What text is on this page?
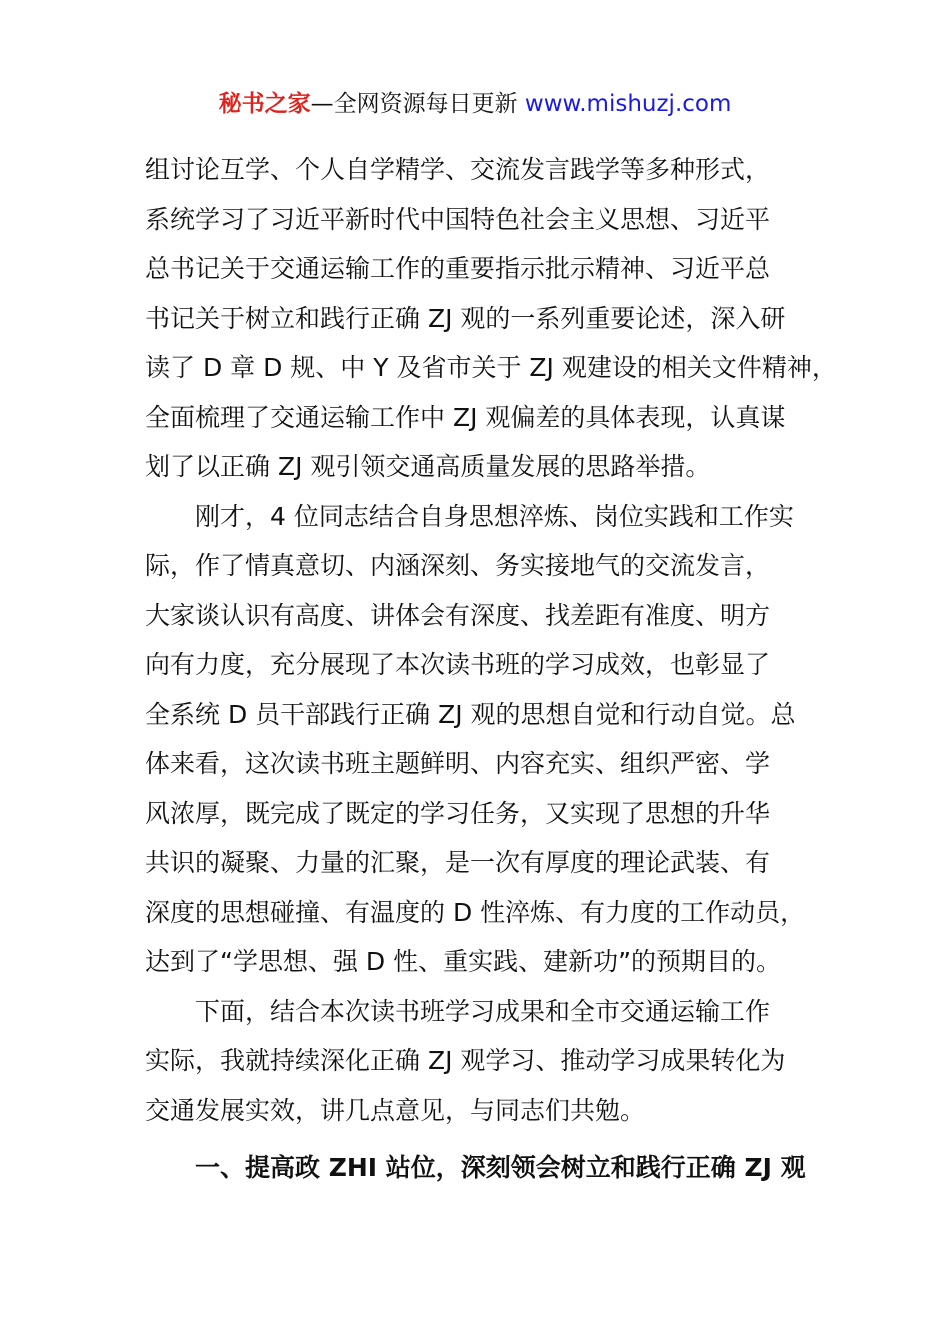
秘书之家—全网资源每日更新 www.mishuzj.com
组讨论互学、个人自学精学、交流发言践学等多种形式，
系统学习了习近平新时代中国特色社会主义思想、习近平
总书记关于交通运输工作的重要指示批示精神、习近平总
书记关于树立和践行正确 ZJ 观的一系列重要论述，深入研
读了 D 章 D 规、中 Y 及省市关于 ZJ 观建设的相关文件精神，
全面梳理了交通运输工作中 ZJ 观偏差的具体表现，认真谋
划了以正确 ZJ 观引领交通高质量发展的思路举措。
刚才，4 位同志结合自身思想淬炼、岗位实践和工作实
际，作了情真意切、内涵深刻、务实接地气的交流发言，
大家谈认识有高度、讲体会有深度、找差距有准度、明方
向有力度，充分展现了本次读书班的学习成效，也彰显了
全系统 D 员干部践行正确 ZJ 观的思想自觉和行动自觉。总
体来看，这次读书班主题鲜明、内容充实、组织严密、学
风浓厚，既完成了既定的学习任务，又实现了思想的升华
共识的凝聚、力量的汇聚，是一次有厚度的理论武装、有
深度的思想碰撞、有温度的 D 性淬炼、有力度的工作动员，
达到了“学思想、强 D 性、重实践、建新功”的预期目的。
下面，结合本次读书班学习成果和全市交通运输工作
实际，我就持续深化正确 ZJ 观学习、推动学习成果转化为
交通发展实效，讲几点意见，与同志们共勉。
一、提高政 ZHI 站位，深刻领会树立和践行正确 ZJ 观
